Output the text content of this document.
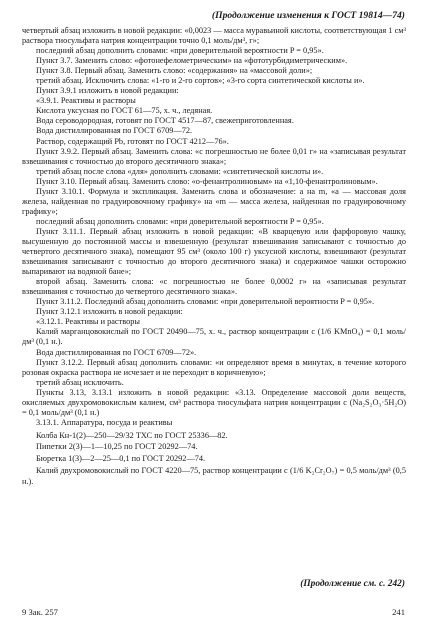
(Продолжение изменения к ГОСТ 19814—74)

четвертый абзац изложить в новой редакции: «0,0023 — масса муравьиной кислоты, соответствующая 1 см³ раствора тиосульфата натрия концентрации точно 0,1 моль/дм³, г»;

последний абзац дополнить словами: «при доверительной вероятности P = 0,95».

Пункт 3.7. Заменить слово: «фотонефелометрическим» на «фототурбидиметрическим».

Пункт 3.8. Первый абзац. Заменить слово: «содержания» на «массовой доли»;

третий абзац. Исключить слова: «1-го и 2-го сортов»; «3-го сорта синтетической кислоты и».

Пункт 3.9.1 изложить в новой редакции:

«3.9.1. Реактивы и растворы

Кислота уксусная по ГОСТ 61—75, х. ч., ледяная.

Вода сероводородная, готовят по ГОСТ 4517—87, свежеприготовленная.

Вода дистиллированная по ГОСТ 6709—72.

Раствор, содержащий Pb, готовят по ГОСТ 4212—76».

Пункт 3.9.2. Первый абзац. Заменить слова: «с погрешностью не более 0,01 г» на «записывая результат взвешивания с точностью до второго десятичного знака»;

третий абзац после слова «для» дополнить словами: «синтетической кислоты и».

Пункт 3.10. Первый абзац. Заменить слово: «о-фенантролиновым» на «1,10-фенантролиновым».

Пункт 3.10.1. Формула и экспликация. Заменить слова и обозначение: a на m, «a — массовая доля железа, найденная по градуировочному графику» на «m — масса железа, найденная по градуировочному графику»;

последний абзац дополнить словами: «при доверительной вероятности P = 0,95».

Пункт 3.11.1. Первый абзац изложить в новой редакции: «В кварцевую или фарфоровую чашку, высушенную до постоянной массы и взвешенную (результат взвешивания записывают с точностью до четвертого десятичного знака), помещают 95 см³ (около 100 г) уксусной кислоты, взвешивают (результат взвешивания записывают с точностью до второго десятичного знака) и содержимое чашки осторожно выпаривают на водяной бане»;

второй абзац. Заменить слова: «с погрешностью не более 0,0002 г» на «записывая результат взвешивания с точностью до четвертого десятичного знака».

Пункт 3.11.2. Последний абзац дополнить словами: «при доверительной вероятности P = 0,95».

Пункт 3.12.1 изложить в новой редакции:

«3.12.1. Реактивы и растворы

Калий марганцовокислый по ГОСТ 20490—75, х. ч., раствор концентрации c (1/6 KMnO₄) = 0,1 моль/дм³ (0,1 н.).

Вода дистиллированная по ГОСТ 6709—72».

Пункт 3.12.2. Первый абзац дополнить словами: «и определяют время в минутах, в течение которого розовая окраска раствора не исчезает и не переходит в коричневую»;

третий абзац исключить.

Пункты 3.13, 3.13.1 изложить в новой редакции: «3.13. Определение массовой доли веществ, окисляемых двухромовокислым калием, см³ раствора тиосульфата натрия концентрации c (Na₂S₂O₃·5H₂O) = 0,1 моль/дм³ (0,1 н.)

3.13.1. Аппаратура, посуда и реактивы

Колба Кн-1(2)—250—29/32 ТХС по ГОСТ 25336—82.

Пипетки 2(3)—1—10,25 по ГОСТ 20292—74.

Бюретка 1(3)—2—25—0,1 по ГОСТ 20292—74.

Калий двухромовокислый по ГОСТ 4220—75, раствор концентрации c (1/6 K₂Cr₂O₇) = 0,5 моль/дм³ (0,5 н.).

(Продолжение см. с. 242)
9 Зак. 257	241
